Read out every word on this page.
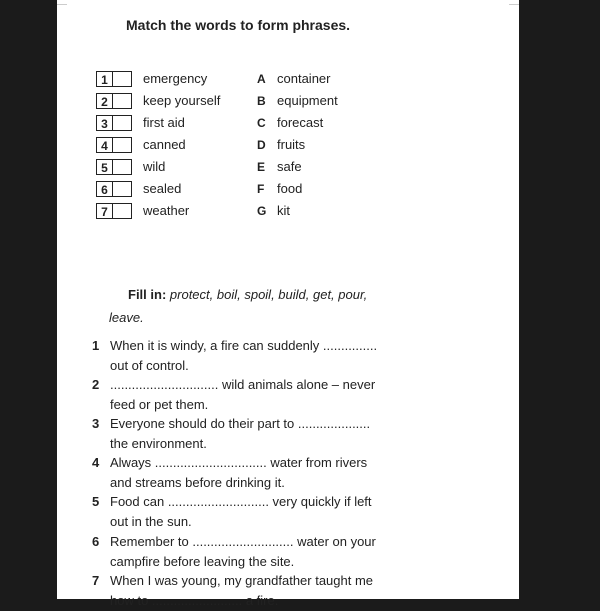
Match the words to form phrases.
1	emergency	A container
2	keep yourself	B equipment
3	first aid	C forecast
4	canned	D fruits
5	wild	E safe
6	sealed	F food
7	weather	G kit
Fill in: protect, boil, spoil, build, get, pour,
leave.
1 When it is windy, a fire can suddenly ...............
out of control.
2 .............................. wild animals alone – never
feed or pet them.
3 Everyone should do their part to ....................
the environment.
4 Always ............................... water from rivers
and streams before drinking it.
5 Food can ............................ very quickly if left
out in the sun.
6 Remember to ............................ water on your
campfire before leaving the site.
7 When I was young, my grandfather taught me
how to ......................... a fire.
